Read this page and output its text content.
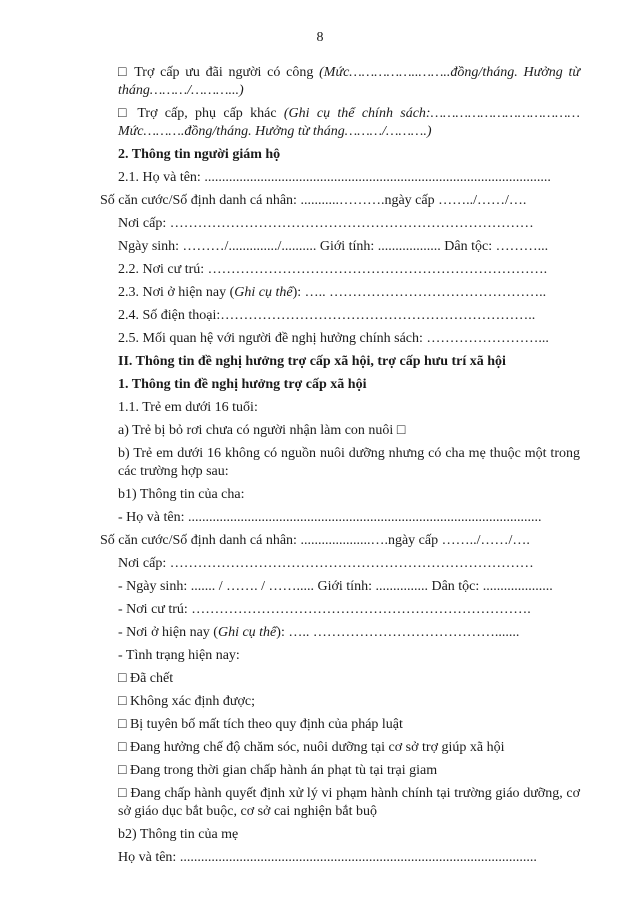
8
□ Trợ cấp ưu đãi người có công (Mức……………..……..đồng/tháng. Hưởng từ tháng………/………...)
□ Trợ cấp, phụ cấp khác (Ghi cụ thể chính sách:……………………………… Mức……….đồng/tháng. Hưởng từ tháng………/……….)
2. Thông tin người giám hộ
2.1. Họ và tên: ...................................................................................................
Số căn cước/Số định danh cá nhân: ...........……….ngày cấp ……../……/….
Nơi cấp: ……………………………………………………………………
Ngày sinh: ………/............../.......... Giới tính: .................. Dân tộc: ………...
2.2. Nơi cư trú: ……………………………………………………………….
2.3. Nơi ở hiện nay (Ghi cụ thể): ….. ………………………………………..
2.4. Số điện thoại:…………………………………………………………..
2.5. Mối quan hệ với người đề nghị hưởng chính sách: ……………………...
II. Thông tin đề nghị hưởng trợ cấp xã hội, trợ cấp hưu trí xã hội
1. Thông tin đề nghị hưởng trợ cấp xã hội
1.1. Trẻ em dưới 16 tuổi:
a) Trẻ bị bỏ rơi chưa có người nhận làm con nuôi □
b) Trẻ em dưới 16 không có nguồn nuôi dưỡng nhưng có cha mẹ thuộc một trong các trường hợp sau:
b1) Thông tin của cha:
- Họ và tên: .....................................................................................................
Số căn cước/Số định danh cá nhân: ....................….ngày cấp ……../……/….
Nơi cấp: ……………………………………………………………………
- Ngày sinh: ....... / ……. / ……..... Giới tính: ............... Dân tộc: ....................
- Nơi cư trú: ……………………………………………………………….
- Nơi ở hiện nay (Ghi cụ thể): ….. ………………………………….......
- Tình trạng hiện nay:
□ Đã chết
□ Không xác định được;
□ Bị tuyên bố mất tích theo quy định của pháp luật
□ Đang hưởng chế độ chăm sóc, nuôi dưỡng tại cơ sở trợ giúp xã hội
□ Đang trong thời gian chấp hành án phạt tù tại trại giam
□ Đang chấp hành quyết định xử lý vi phạm hành chính tại trường giáo dưỡng, cơ sở giáo dục bắt buộc, cơ sở cai nghiện bắt buộ
b2) Thông tin của mẹ
Họ và tên: ......................................................................................................
